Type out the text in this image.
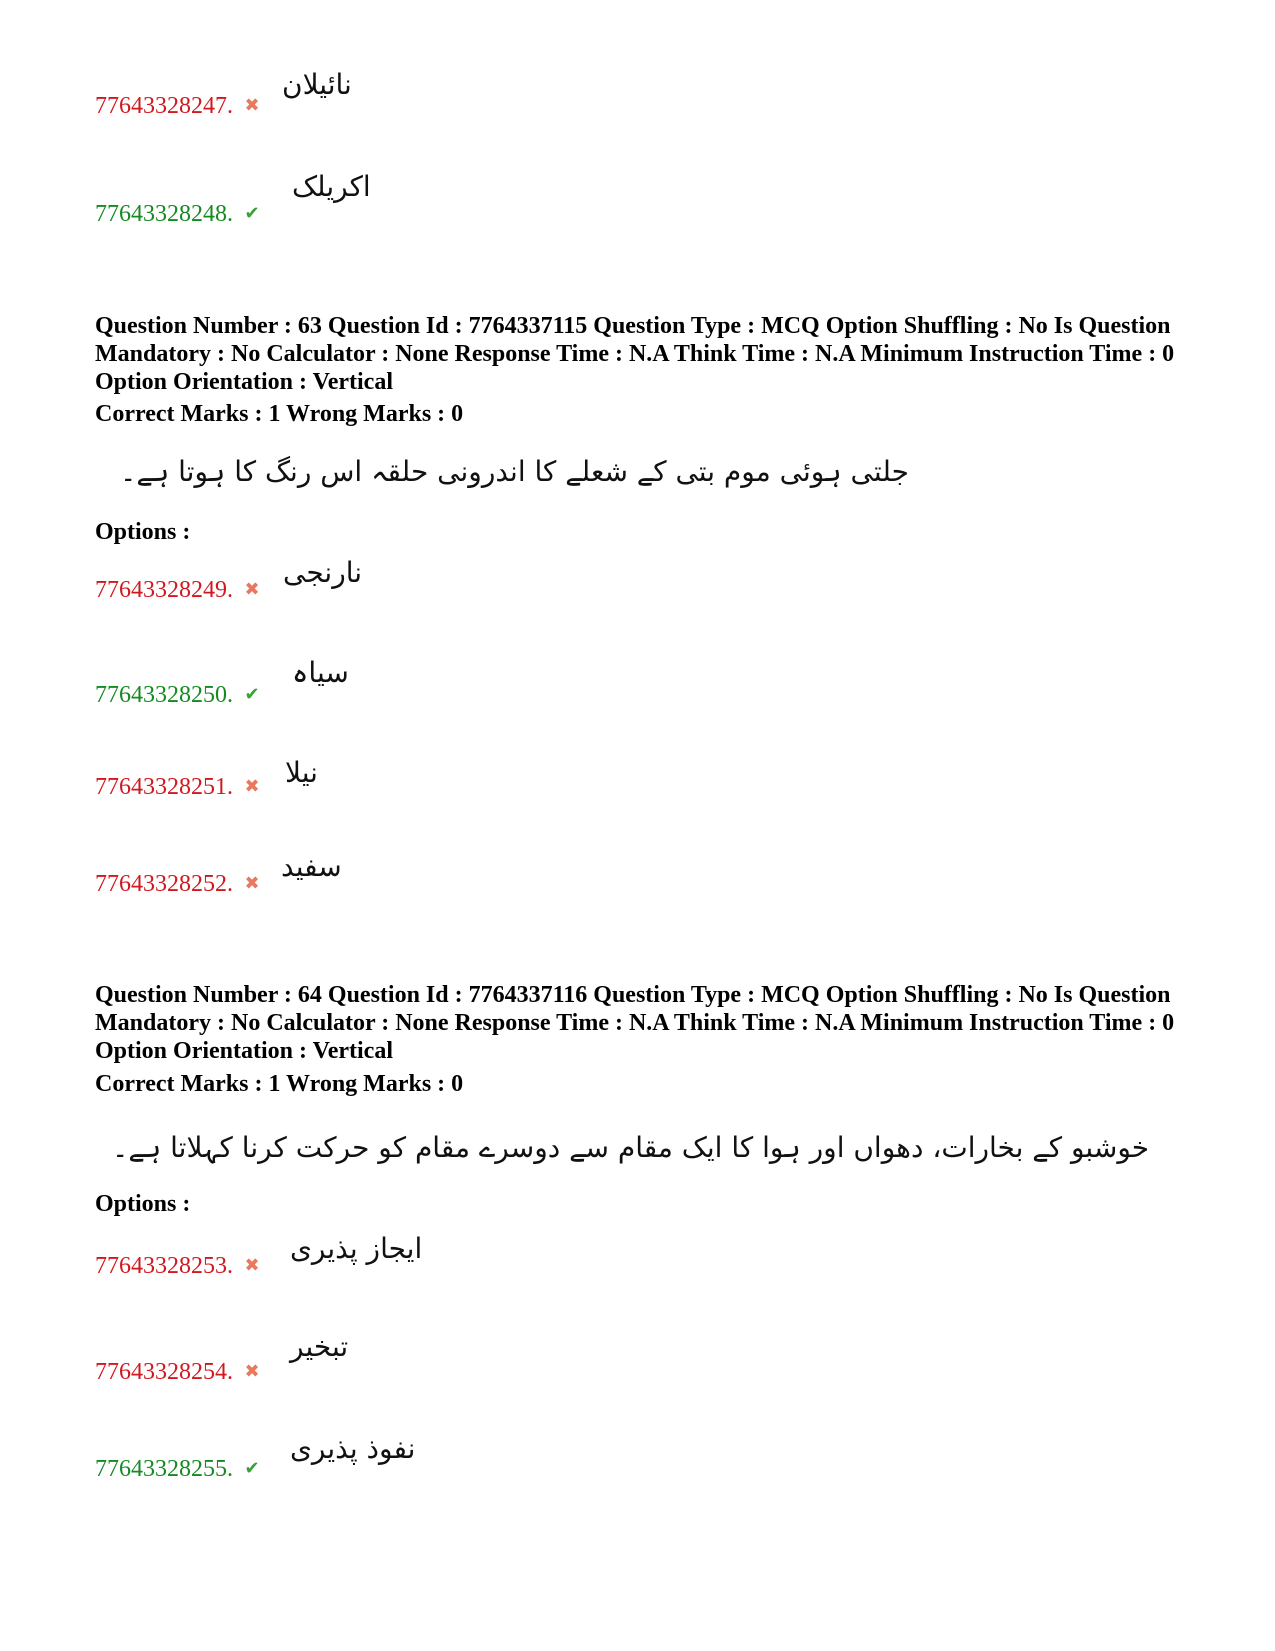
77643328247. ✖
نائیلان
77643328248. ✔
اکریلک
Question Number : 63 Question Id : 7764337115 Question Type : MCQ Option Shuffling : No Is Question Mandatory : No Calculator : None Response Time : N.A Think Time : N.A Minimum Instruction Time : 0 Option Orientation : Vertical
Correct Marks : 1 Wrong Marks : 0
جلتی ہوئی موم بتی کے شعلے کا اندرونی حلقہ اس رنگ کا ہوتا ہے۔
Options :
77643328249. ✖
نارنجی
77643328250. ✔
سیاہ
77643328251. ✖ نیلا
77643328252. ✖
سفید
Question Number : 64 Question Id : 7764337116 Question Type : MCQ Option Shuffling : No Is Question Mandatory : No Calculator : None Response Time : N.A Think Time : N.A Minimum Instruction Time : 0 Option Orientation : Vertical
Correct Marks : 1 Wrong Marks : 0
خوشبو کے بخارات، دھواں اور ہوا کا ایک مقام سے دوسرے مقام کو حرکت کرنا کہلاتا ہے۔
Options :
77643328253. ✖
ایجاز پذیری
77643328254. ✖
تبخیر
77643328255. ✔
نفوذ پذیری
